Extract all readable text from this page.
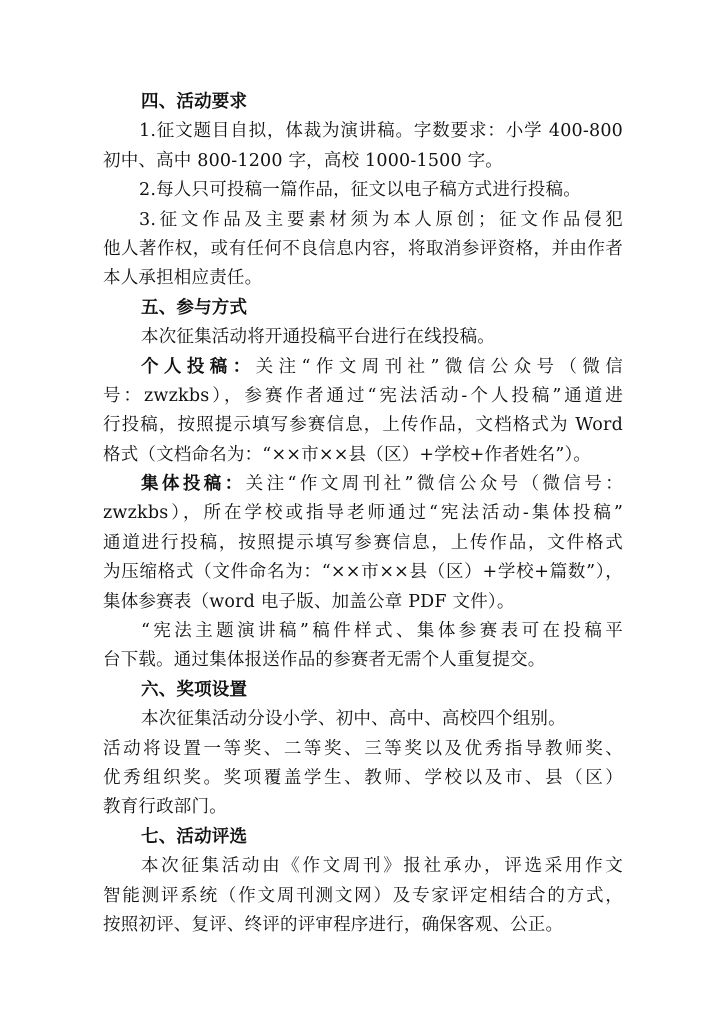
四、活动要求
1.征文题目自拟，体裁为演讲稿。字数要求：小学 400-800
初中、高中 800-1200 字，高校 1000-1500 字。
2.每人只可投稿一篇作品，征文以电子稿方式进行投稿。
3.征文作品及主要素材须为本人原创；征文作品侵犯
他人著作权，或有任何不良信息内容，将取消参评资格，并由作者
本人承担相应责任。
五、参与方式
本次征集活动将开通投稿平台进行在线投稿。
个人投稿：关注“作文周刊社”微信公众号（微信
号：zwzkbs），参赛作者通过“宪法活动-个人投稿”通道进
行投稿，按照提示填写参赛信息，上传作品，文档格式为 Word
格式（文档命名为：“××市××县（区）+学校+作者姓名”）。
集体投稿：关注“作文周刊社”微信公众号（微信号：
zwzkbs），所在学校或指导老师通过“宪法活动-集体投稿”
通道进行投稿，按照提示填写参赛信息，上传作品，文件格式
为压缩格式（文件命名为：“××市××县（区）+学校+篇数”），
集体参赛表（word 电子版、加盖公章 PDF 文件）。
“宪法主题演讲稿”稿件样式、集体参赛表可在投稿平
台下载。通过集体报送作品的参赛者无需个人重复提交。
六、奖项设置
本次征集活动分设小学、初中、高中、高校四个组别。
活动将设置一等奖、二等奖、三等奖以及优秀指导教师奖、
优秀组织奖。奖项覆盖学生、教师、学校以及市、县（区）
教育行政部门。
七、活动评选
本次征集活动由《作文周刊》报社承办，评选采用作文
智能测评系统（作文周刊测文网）及专家评定相结合的方式，
按照初评、复评、终评的评审程序进行，确保客观、公正。
